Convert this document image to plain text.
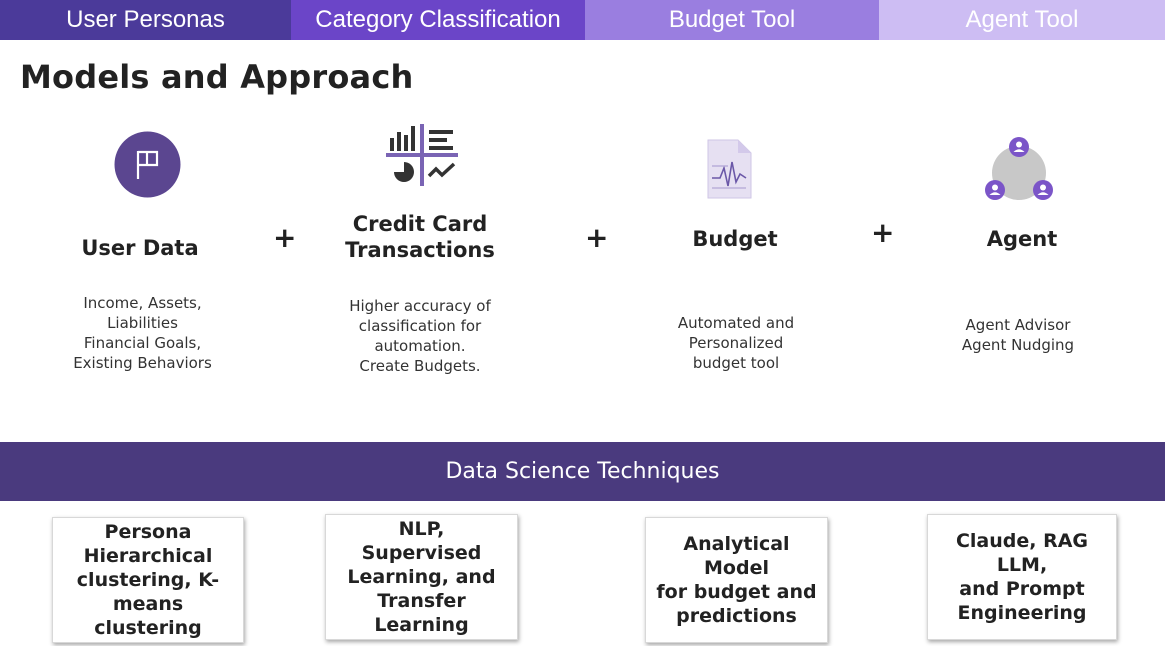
User Personas	Category Classification	Budget Tool	Agent Tool
Models and Approach
User Data
Income, Assets,
Liabilities
Financial Goals,
Existing Behaviors
+	Credit Card
Transactions
Higher accuracy of
classification for
automation.
Create Budgets.
+	Budget
Automated and
Personalized
budget tool
+	Agent
Agent Advisor
Agent Nudging
Data Science Techniques
Persona
Hierarchical
clustering, K-
means
clustering
NLP,
Supervised
Learning, and
Transfer
Learning
Analytical Model
for budget and
predictions
Claude, RAG LLM,
and Prompt
Engineering
